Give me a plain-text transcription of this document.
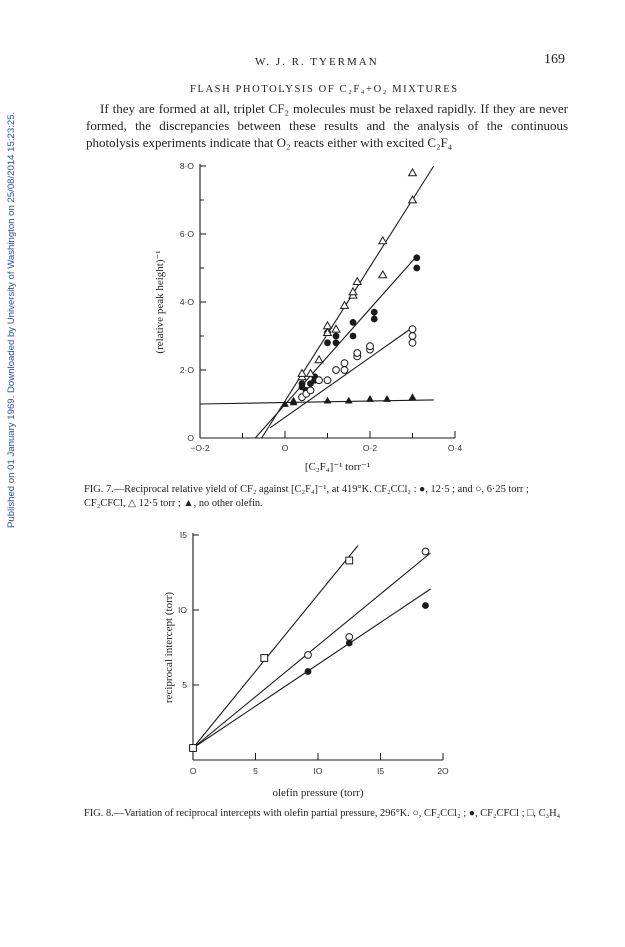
Published on 01 January 1969. Downloaded by University of Washington on 25/08/2014 15:23:25.
W. J. R. TYERMAN	169
FLASH PHOTOLYSIS OF C₂F₄+O₂ MIXTURES

If they are formed at all, triplet CF₂ molecules must be relaxed rapidly. If they are never formed, the discrepancies between these results and the analysis of the continuous photolysis experiments indicate that O₂ reacts either with excited C₂F₄

O
2·O
4·O
6·O
8·O
−O·2	O	O·2	O·4
(relative peak height)⁻¹
[C₂F₄]⁻¹ torr⁻¹
5
IO
I5
O	5	IO	I5	2O
reciprocal intercept (torr)
olefin pressure (torr)

FIG. 7.—Reciprocal relative yield of CF₂ against [C₂F₄]⁻¹, at 419°K. CF₂CCl₂ : ●, 12·5 ; and ○, 6·25 torr ; CF₂CFCl, △ 12·5 torr ; ▲, no other olefin.

FIG. 8.—Variation of reciprocal intercepts with olefin partial pressure, 296°K. ○, CF₂CCl₂ ; ●, CF₂CFCl ; □, C₃H₄
